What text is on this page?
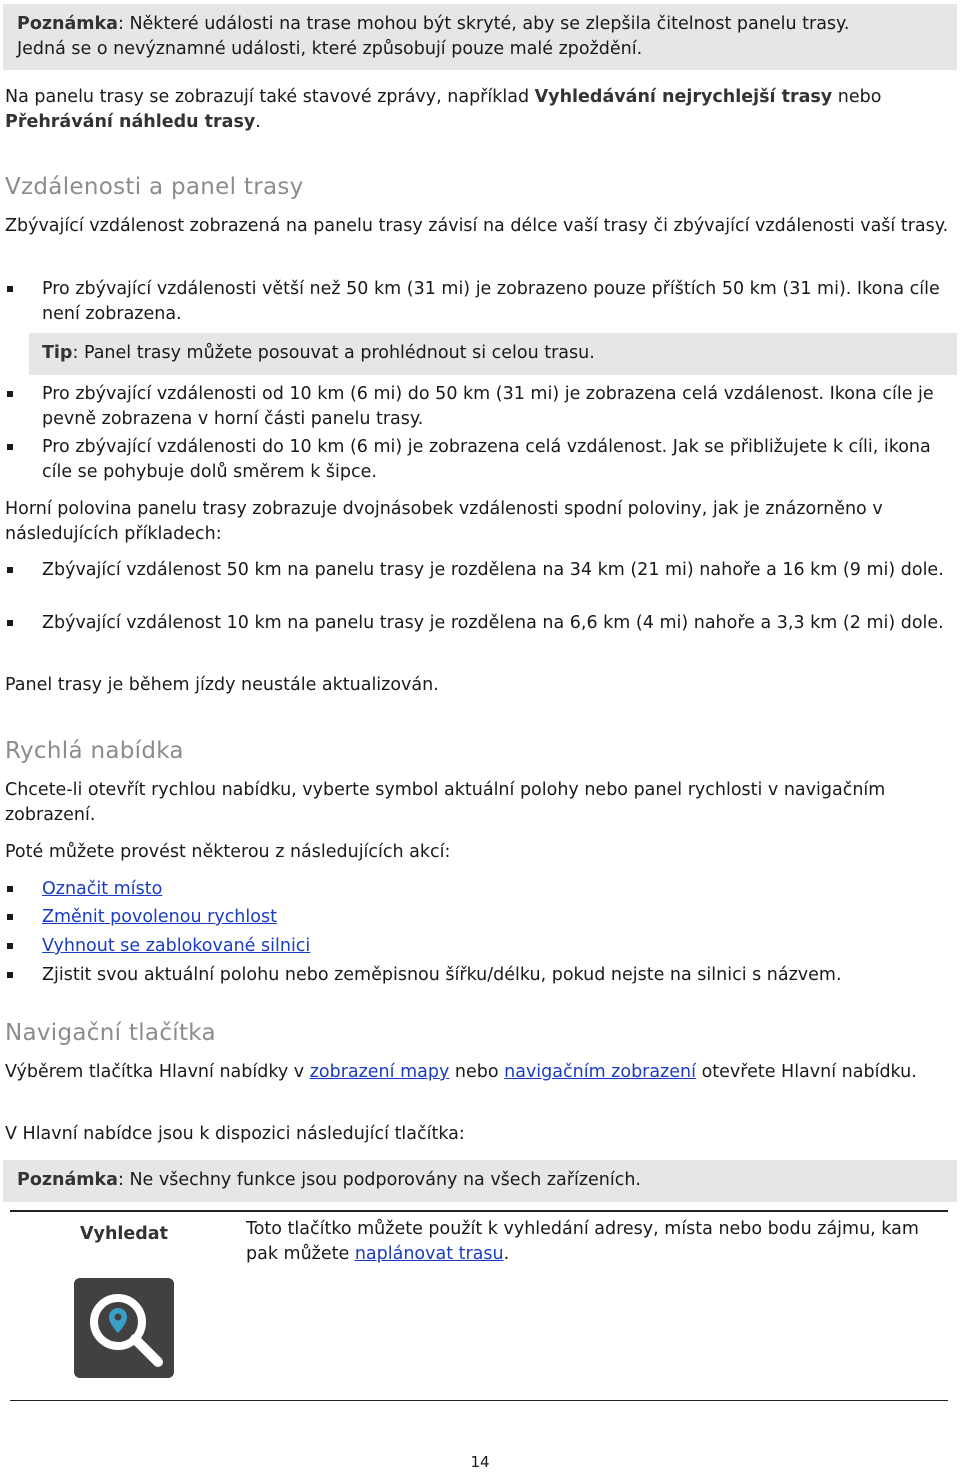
Poznámka: Některé události na trase mohou být skryté, aby se zlepšila čitelnost panelu trasy.
Jedná se o nevýznamné události, které způsobují pouze malé zpoždění.

Na panelu trasy se zobrazují také stavové zprávy, například Vyhledávání nejrychlejší trasy nebo Přehrávání náhledu trasy.

Vzdálenosti a panel trasy

Zbývající vzdálenost zobrazená na panelu trasy závisí na délce vaší trasy či zbývající vzdálenosti vaší trasy.

Pro zbývající vzdálenosti větší než 50 km (31 mi) je zobrazeno pouze příštích 50 km (31 mi). Ikona cíle není zobrazena.
Tip: Panel trasy můžete posouvat a prohlédnout si celou trasu.
Pro zbývající vzdálenosti od 10 km (6 mi) do 50 km (31 mi) je zobrazena celá vzdálenost. Ikona cíle je pevně zobrazena v horní části panelu trasy.
Pro zbývající vzdálenosti do 10 km (6 mi) je zobrazena celá vzdálenost. Jak se přibližujete k cíli, ikona cíle se pohybuje dolů směrem k šipce.

Horní polovina panelu trasy zobrazuje dvojnásobek vzdálenosti spodní poloviny, jak je znázorněno v následujících příkladech:

Zbývající vzdálenost 50 km na panelu trasy je rozdělena na 34 km (21 mi) nahoře a 16 km (9 mi) dole.
Zbývající vzdálenost 10 km na panelu trasy je rozdělena na 6,6 km (4 mi) nahoře a 3,3 km (2 mi) dole.

Panel trasy je během jízdy neustále aktualizován.

Rychlá nabídka

Chcete-li otevřít rychlou nabídku, vyberte symbol aktuální polohy nebo panel rychlosti v navigačním zobrazení.

Poté můžete provést některou z následujících akcí:

Označit místo
Změnit povolenou rychlost
Vyhnout se zablokované silnici
Zjistit svou aktuální polohu nebo zeměpisnou šířku/délku, pokud nejste na silnici s názvem.
Navigační tlačítka

Výběrem tlačítka Hlavní nabídky v zobrazení mapy nebo navigačním zobrazení otevřete Hlavní nabídku.

V Hlavní nabídce jsou k dispozici následující tlačítka:

Poznámka: Ne všechny funkce jsou podporovány na všech zařízeních.
Vyhledat	Toto tlačítko můžete použít k vyhledání adresy, místa nebo bodu zájmu, kam pak můžete naplánovat trasu.
14
